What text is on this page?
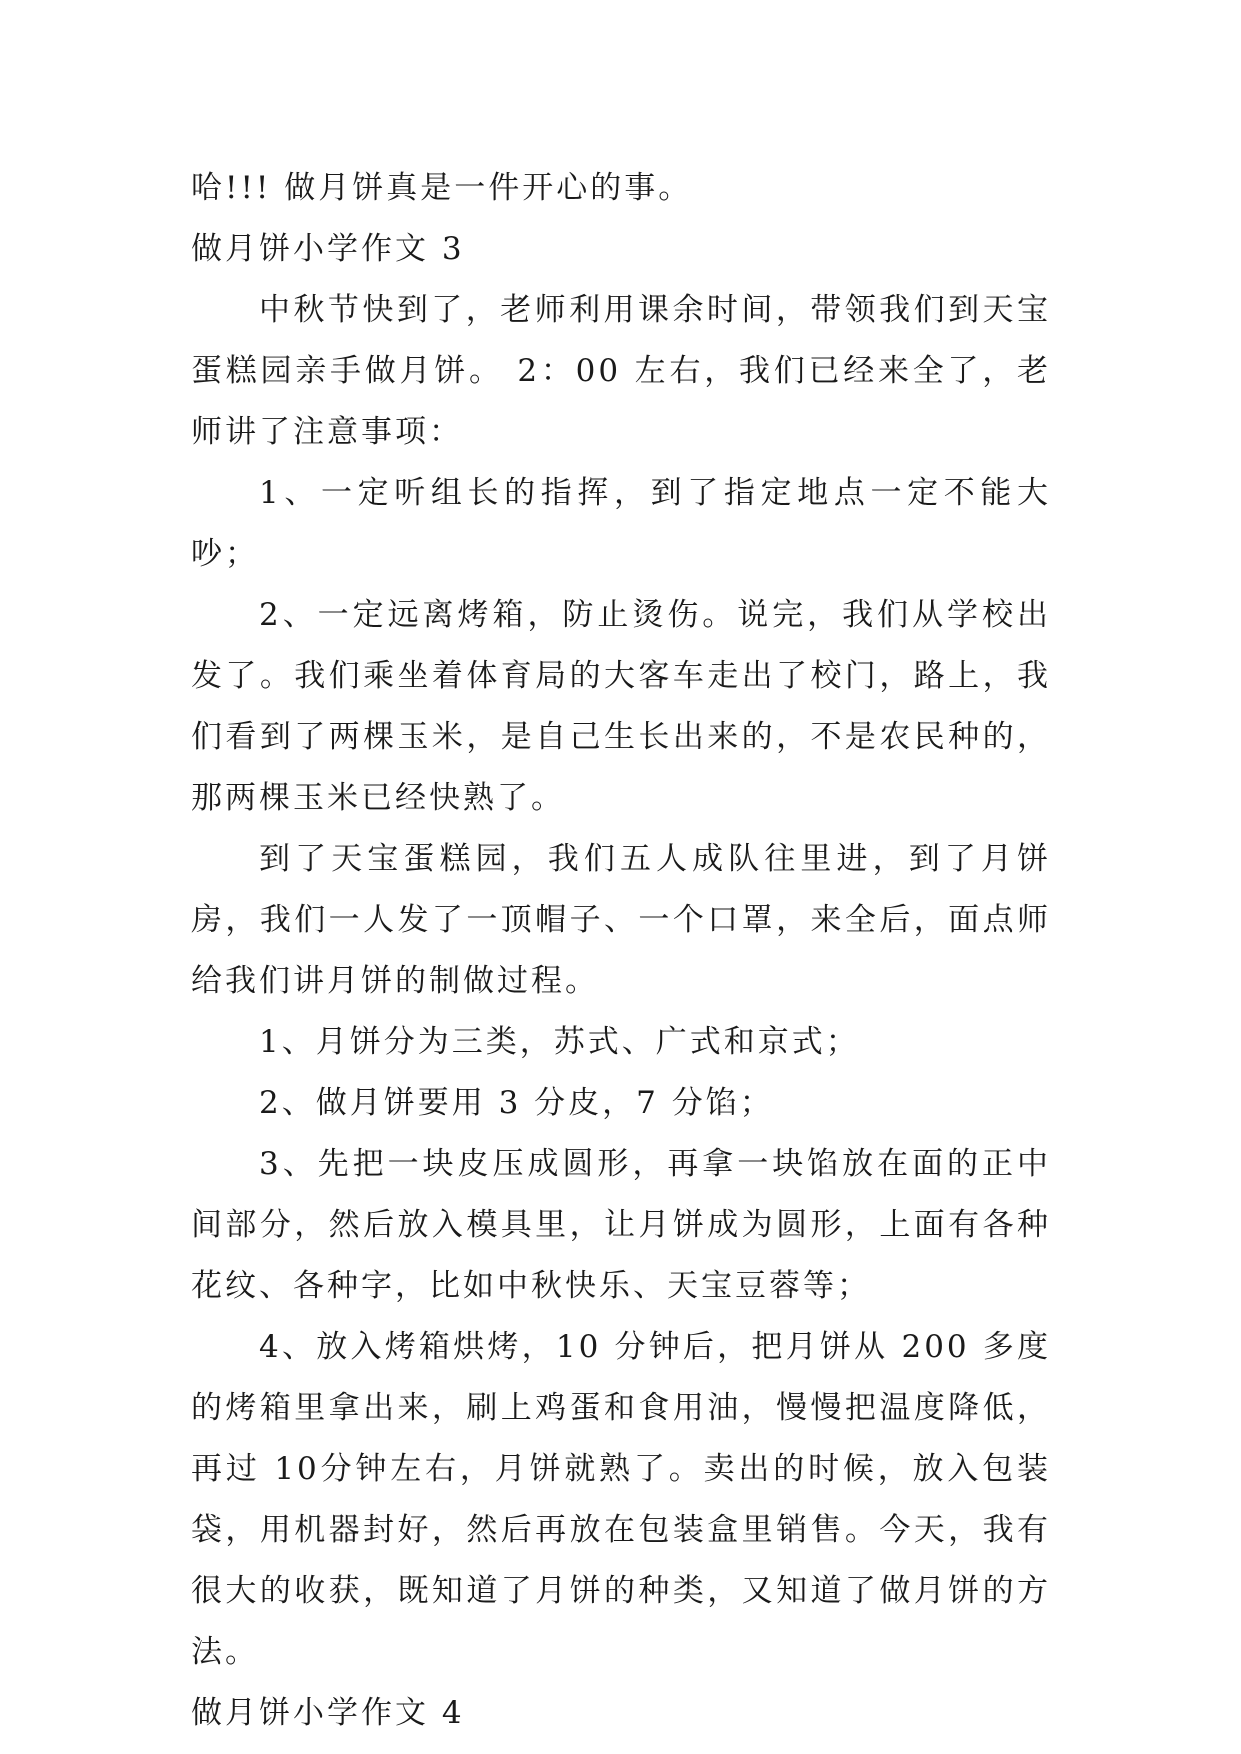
哈!!! 做月饼真是一件开心的事。
做月饼小学作文 3

中秋节快到了，老师利用课余时间，带领我们到天宝蛋糕园亲手做月饼。 2：00 左右，我们已经来全了，老师讲了注意事项：

1、一定听组长的指挥，到了指定地点一定不能大吵；

2、一定远离烤箱，防止烫伤。说完，我们从学校出发了。我们乘坐着体育局的大客车走出了校门，路上，我们看到了两棵玉米，是自己生长出来的，不是农民种的，那两棵玉米已经快熟了。

到了天宝蛋糕园，我们五人成队往里进，到了月饼房，我们一人发了一顶帽子、一个口罩，来全后，面点师给我们讲月饼的制做过程。

1、月饼分为三类，苏式、广式和京式；

2、做月饼要用 3 分皮，7 分馅；

3、先把一块皮压成圆形，再拿一块馅放在面的正中间部分，然后放入模具里，让月饼成为圆形，上面有各种花纹、各种字，比如中秋快乐、天宝豆蓉等；

4、放入烤箱烘烤，10 分钟后，把月饼从 200 多度的烤箱里拿出来，刷上鸡蛋和食用油，慢慢把温度降低，再过 10分钟左右，月饼就熟了。卖出的时候，放入包装袋，用机器封好，然后再放在包装盒里销售。今天，我有很大的收获，既知道了月饼的种类，又知道了做月饼的方法。

做月饼小学作文 4
